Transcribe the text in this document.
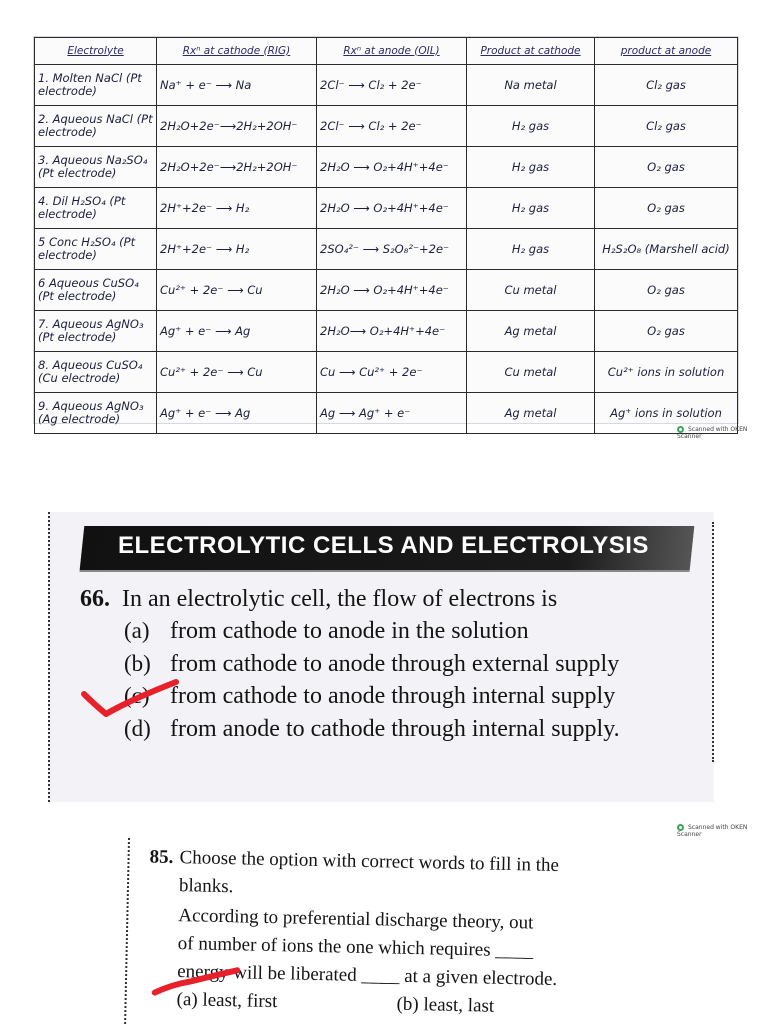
Electrolyte	Rxⁿ at cathode (RIG)	Rxⁿ at anode (OIL)	Product at cathode	product at anode
1. Molten NaCl (Pt electrode)	Na⁺ + e⁻ ⟶ Na	2Cl⁻ ⟶ Cl₂ + 2e⁻	Na metal	Cl₂ gas
2. Aqueous NaCl (Pt electrode)	2H₂O+2e⁻⟶2H₂+2OH⁻	2Cl⁻ ⟶ Cl₂ + 2e⁻	H₂ gas	Cl₂ gas
3. Aqueous Na₂SO₄ (Pt electrode)	2H₂O+2e⁻⟶2H₂+2OH⁻	2H₂O ⟶ O₂+4H⁺+4e⁻	H₂ gas	O₂ gas
4. Dil H₂SO₄ (Pt electrode)	2H⁺+2e⁻ ⟶ H₂	2H₂O ⟶ O₂+4H⁺+4e⁻	H₂ gas	O₂ gas
5 Conc H₂SO₄ (Pt electrode)	2H⁺+2e⁻ ⟶ H₂	2SO₄²⁻ ⟶ S₂O₈²⁻+2e⁻	H₂ gas	H₂S₂O₈ (Marshell acid)
6 Aqueous CuSO₄ (Pt electrode)	Cu²⁺ + 2e⁻ ⟶ Cu	2H₂O ⟶ O₂+4H⁺+4e⁻	Cu metal	O₂ gas
7. Aqueous AgNO₃ (Pt electrode)	Ag⁺ + e⁻ ⟶ Ag	2H₂O⟶ O₂+4H⁺+4e⁻	Ag metal	O₂ gas
8. Aqueous CuSO₄ (Cu electrode)	Cu²⁺ + 2e⁻ ⟶ Cu	Cu ⟶ Cu²⁺ + 2e⁻	Cu metal	Cu²⁺ ions in solution
9. Aqueous AgNO₃ (Ag electrode)	Ag⁺ + e⁻ ⟶ Ag	Ag ⟶ Ag⁺ + e⁻	Ag metal	Ag⁺ ions in solution
Scanned with OKEN Scanner
ELECTROLYTIC CELLS AND ELECTROLYSIS
66. In an electrolytic cell, the flow of electrons is
(a) from cathode to anode in the solution
(b) from cathode to anode through external supply
(c) from cathode to anode through internal supply
(d) from anode to cathode through internal supply.
Scanned with OKEN Scanner
85. Choose the option with correct words to fill in the
blanks.
According to preferential discharge theory, out
of number of ions the one which requires ____
energy will be liberated ____ at a given electrode.
(a) least, first	(b) least, last
